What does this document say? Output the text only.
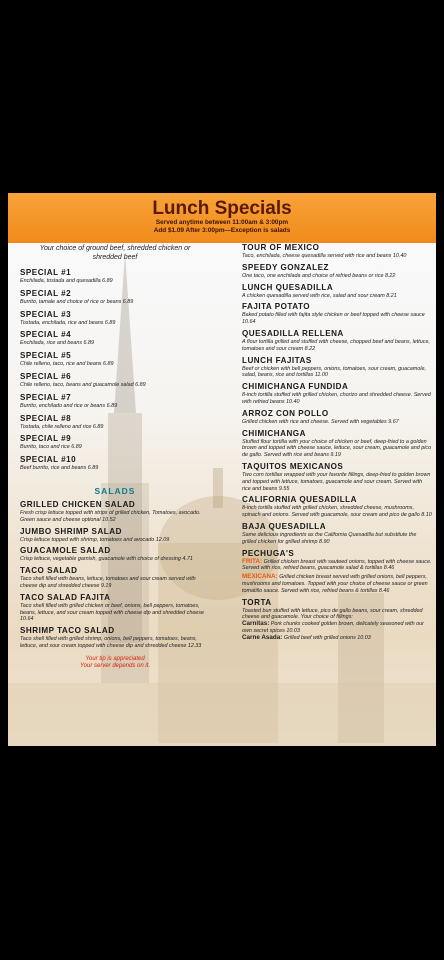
Lunch Specials
Served anytime between 11:00am & 3:00pm
Add $1.09 After 3:00pm—Exception is salads
Your choice of ground beef, shredded chicken or shredded beef
SPECIAL #1
Enchilada, tostada and quesadilla 6.89
SPECIAL #2
Burrito, tamale and choice of rice or beans 6.89
SPECIAL #3
Tostada, enchilada, rice and beans 6.89
SPECIAL #4
Enchilada, rice and beans 6.89
SPECIAL #5
Chile relleno, taco, rice and beans 6.89
SPECIAL #6
Chile relleno, taco, beans and guacamole salad 6.89
SPECIAL #7
Burrito, enchilado and rice or beans 6.89
SPECIAL #8
Tostada, chile relleno and rice 6.89
SPECIAL #9
Burrito, taco and rice 6.89
SPECIAL #10
Beef burrito, rice and beans 6.89
SALADS
GRILLED CHICKEN SALAD
Fresh crisp lettuce topped with strips of grilled chicken, Tomatoes, avocado. Green sauce and cheese optional 10.52
JUMBO SHRIMP SALAD
Crisp lettuce topped with shrimp, tomatoes and avocado 12.09
GUACAMOLE SALAD
Crisp lettuce, vegetable garnish, guacamole with choice of dressing 4.71
TACO SALAD
Taco shell filled with beans, lettuce, tomatoes and sour cream served with cheese dip and shredded cheese 9.19
TACO SALAD FAJITA
Taco shell filled with grilled chicken or beef, onions, bell peppers, tomatoes, beans, lettuce, and sour cream topped with cheese dip and shredded cheese 10.64
SHRIMP TACO SALAD
Taco shell filled with grilled shrimp, onions, bell peppers, tomatoes, beans, lettuce, and sour cream topped with cheese dip and shredded cheese 12.33
Your tip is appreciated
Your server depends on it.
TOUR OF MEXICO
Taco, enchilada, cheese quesadilla served with rice and beans 10.40
SPEEDY GONZALEZ
One taco, one enchilada and choice of refried beans or rice 8.22
LUNCH QUESADILLA
A chicken quesadilla served with rice, salad and sour cream 8.21
FAJITA POTATO
Baked potato filled with fajita style chicken or beef topped with cheese sauce 10.64
QUESADILLA RELLENA
A flour tortilla grilled and stuffed with cheese, chopped beef and beans, lettuce, tomatoes and sour cream 8.22
LUNCH FAJITAS
Beef or chicken with bell peppers, onions, tomatoes, sour cream, guacamole, salad, beans, rice and tortillas 11.00
CHIMICHANGA FUNDIDA
8-inch tortilla stuffed with grilled chicken, chorizo and shredded cheese. Served with refried beans 10.40
ARROZ CON POLLO
Grilled chicken with rice and cheese. Served with vegetables 9.67
CHIMICHANGA
Stuffed flour tortilla with your choice of chicken or beef, deep-fried to a golden brown and topped with cheese sauce, lettuce, sour cream, guacamole and pico de gallo. Served with rice and beans 9.19
TAQUITOS MEXICANOS
Two corn tortillas wrapped with your favorite fillings, deep-fried to golden brown and topped with lettuce, tomatoes, guacamole and sour cream. Served with rice and beans 9.55
CALIFORNIA QUESADILLA
8-inch tortilla stuffed with grilled chicken, shredded cheese, mushrooms, spinach and onions. Served with guacamole, sour cream and pico de gallo 8.10
BAJA QUESADILLA
Same delicious ingredients as the California Quesadilla but substitute the grilled chicken for grilled shrimp 8.90
PECHUGA'S
FRITA: Grilled chicken breast with sauteed onions, topped with cheese sauce. Served with rice, refried beans, guacamole salad & tortillas 8.46
MEXICANA: Grilled chicken breast served with grilled onions, bell peppers, mushrooms and tomatoes. Topped with your choice of cheese sauce or green tomatillo sauce. Served with rice, refried beans & tortillas 8.46
TORTA
Toasted bun stuffed with lettuce, pico de gallo beans, sour cream, shredded cheese and guacamole. Your choice of fillings:
Carnitas: Pork chunks cooked golden brown, delicately seasoned with our own secret spices 10.03
Carne Asada: Grilled beef with grilled onions 10.03
